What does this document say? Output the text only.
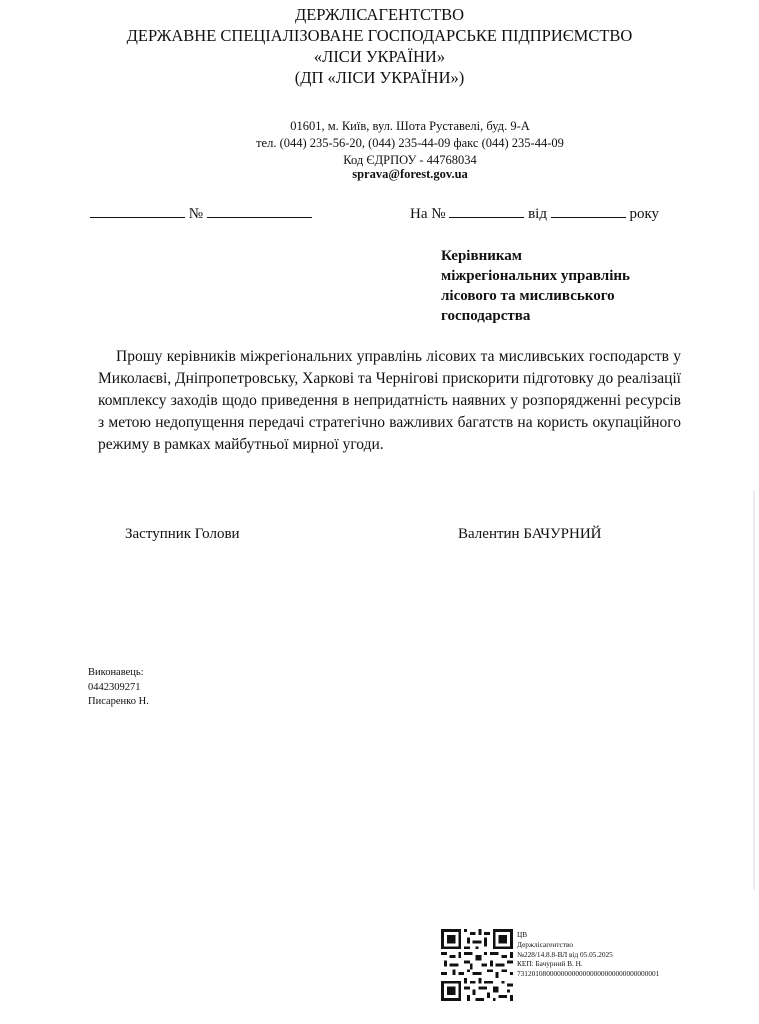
ДЕРЖЛІСАГЕНТСТВО
ДЕРЖАВНЕ СПЕЦІАЛІЗОВАНЕ ГОСПОДАРСЬКЕ ПІДПРИЄМСТВО
«ЛІСИ УКРАЇНИ»
(ДП «ЛІСИ УКРАЇНИ»)
01601, м. Київ, вул. Шота Руставелі, буд. 9-А
тел. (044) 235-56-20, (044) 235-44-09 факс (044) 235-44-09
Код ЄДРПОУ - 44768034
sprava@forest.gov.ua
№	На №	від	року
Керівникам
міжрегіональних управлінь
лісового та мисливського
господарства
Прошу керівників міжрегіональних управлінь лісових та мисливських господарств у Миколаєві, Дніпропетровську, Харкові та Чернігові прискорити підготовку до реалізації комплексу заходів щодо приведення в непридатність наявних у розпорядженні ресурсів з метою недопущення передачі стратегічно важливих багатств на користь окупаційного режиму в рамках майбутньої мирної угоди.
Заступник Голови	Валентин БАЧУРНИЙ
Виконавець:
0442309271
Писаренко Н.
ЦВ
Держлісагентство
№228/14.8.8-ВЛ від 05.05.2025
КЕП: Бачурний В. Н.
731201080000000000000000000000000000001
